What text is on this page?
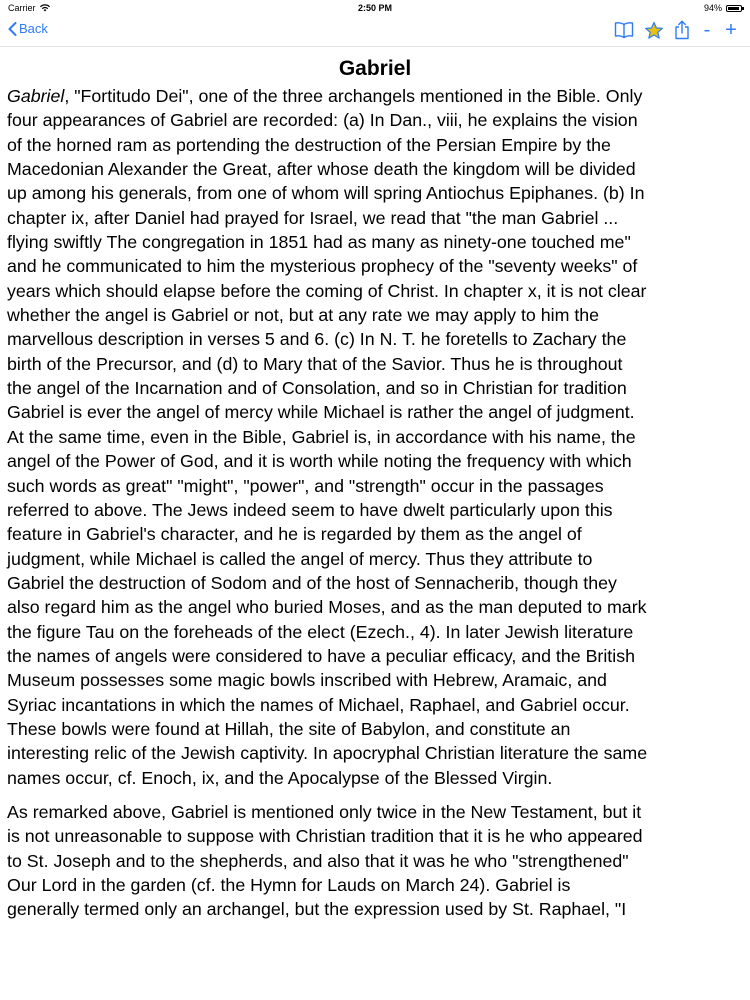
Carrier	2:50 PM	94%
Back	- +
Gabriel
Gabriel, "Fortitudo Dei", one of the three archangels mentioned in the Bible. Only
four appearances of Gabriel are recorded: (a) In Dan., viii, he explains the vision
of the horned ram as portending the destruction of the Persian Empire by the
Macedonian Alexander the Great, after whose death the kingdom will be divided
up among his generals, from one of whom will spring Antiochus Epiphanes. (b) In
chapter ix, after Daniel had prayed for Israel, we read that "the man Gabriel ...
flying swiftly The congregation in 1851 had as many as ninety-one touched me"
and he communicated to him the mysterious prophecy of the "seventy weeks" of
years which should elapse before the coming of Christ. In chapter x, it is not clear
whether the angel is Gabriel or not, but at any rate we may apply to him the
marvellous description in verses 5 and 6. (c) In N. T. he foretells to Zachary the
birth of the Precursor, and (d) to Mary that of the Savior. Thus he is throughout
the angel of the Incarnation and of Consolation, and so in Christian for tradition
Gabriel is ever the angel of mercy while Michael is rather the angel of judgment.
At the same time, even in the Bible, Gabriel is, in accordance with his name, the
angel of the Power of God, and it is worth while noting the frequency with which
such words as great" "might", "power", and "strength" occur in the passages
referred to above. The Jews indeed seem to have dwelt particularly upon this
feature in Gabriel's character, and he is regarded by them as the angel of
judgment, while Michael is called the angel of mercy. Thus they attribute to
Gabriel the destruction of Sodom and of the host of Sennacherib, though they
also regard him as the angel who buried Moses, and as the man deputed to mark
the figure Tau on the foreheads of the elect (Ezech., 4). In later Jewish literature
the names of angels were considered to have a peculiar efficacy, and the British
Museum possesses some magic bowls inscribed with Hebrew, Aramaic, and
Syriac incantations in which the names of Michael, Raphael, and Gabriel occur.
These bowls were found at Hillah, the site of Babylon, and constitute an
interesting relic of the Jewish captivity. In apocryphal Christian literature the same
names occur, cf. Enoch, ix, and the Apocalypse of the Blessed Virgin.
As remarked above, Gabriel is mentioned only twice in the New Testament, but it
is not unreasonable to suppose with Christian tradition that it is he who appeared
to St. Joseph and to the shepherds, and also that it was he who "strengthened"
Our Lord in the garden (cf. the Hymn for Lauds on March 24). Gabriel is
generally termed only an archangel, but the expression used by St. Raphael, "I
